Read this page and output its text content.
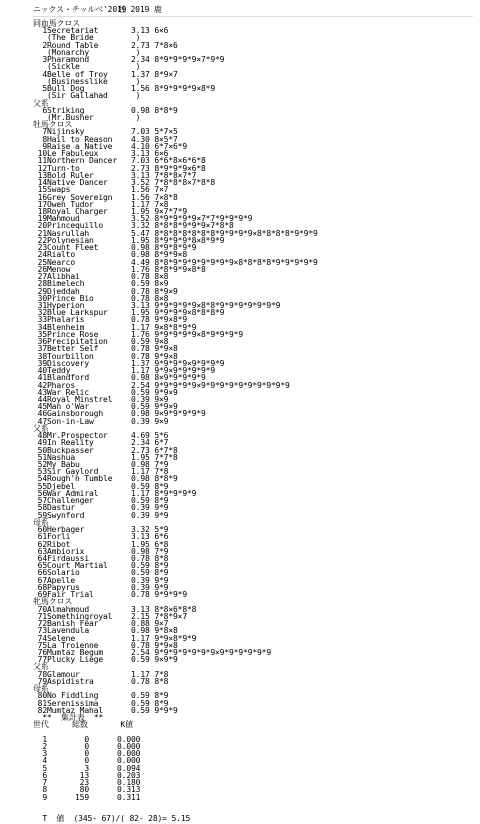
ニックス・チッルベ'2019
牡 2019 鹿
同血馬クロス
1Secretariat       3.13 6×6
(The Bride         )
2Round Table       2.73 7*8×6
(Monarchy          )
3Pharamond         2.34 8*9*9*9*9×7*9*9
(Sickle            )
4Belle of Troy     1.37 8*9×7
(Businesslike      )
5Bull Dog          1.56 8*9*9*9*9×8*9
(Sir Gallahad      )
父系
6Striking          0.98 8*8*9
(Mr.Busher         )
牡馬クロス
7Nijinsky          7.03 5*7×5
8Hail to Reason    4.30 8×5*7
9Raise a Native    4.10 6*7×6*9
10Le Fabuleux       3.13 6×6
11Northern Dancer   7.03 6*6*8×6*6*8
12Turn-to           2.73 8*9*9*9×6*8
13Bold Ruler        3.13 7*8*8×7*7
14Native Dancer     3.52 7*8*8*8×7*8*8
15Swaps             1.56 7×7
16Grey Sovereign    1.56 7×8*8
17Owen Tudor        1.17 7×8
18Royal Charger     1.95 9×7*7*9
19Mahmoud           3.52 8*9*9*9*9×7*7*9*9*9*9
20Princequillo      3.32 8*8*8*9*9*9×7*8*8
21Nasrullah         5.47 8*8*8*8*8*8*8*9*9*9*9×8*8*8*8*9*9*9
22Polynesian        1.95 8*9*9*9*8×8*9*9
23Count Fleet       0.98 8*9*8*9*9
24Rialto            0.98 8*9*9×8
25Nearco            4.49 8*8*9*9*9*9*9*9*9×8*8*8*8*9*9*9*9*9
26Menow             1.76 8*8*9*9×8*8
27Alibhai           0.78 8×8
28Bimelech          0.59 8×9
29Djeddah           0.78 8*9×9
30Prince Bio        0.78 8×8
31Hyperion          3.13 9*9*9*9*9×8*8*9*9*9*9*9*9*9
32Blue Larkspur     1.95 9*9*9*9×8*8*8*9
33Phalaris          0.78 9*9×8*9
34Blenheim          1.17 9×8*8*9*9
35Prince Rose       1.76 9*9*9*9*9×8*9*9*9*9
36Precipitation     0.59 9×8
37Better Self       0.78 9*9×8
38Tourbillon        0.78 9*9×8
39Discovery         1.37 9*9*9*9×9*9*9*9
40Teddy             1.17 9*9×9*9*9*9*9
41Blandford         0.98 8×9*9*9*9*9
42Pharos            2.54 9*9*9*9*9×9*9*9*9*9*9*9*9*9*9
43War Relic         0.59 9*9×9
44Royal Minstrel    0.39 9×9
45Man o'War         0.59 9*9×9
46Gainsborough      0.98 9×9*9*9*9*9
47Son-in-Law        0.39 9×9
父系
48Mr.Prospector     4.69 5*6
49In Reality        2.34 6*7
50Buckpasser        2.73 6*7*8
51Nashua            1.95 7*7*8
52My Babu           0.98 7*9
53Sir Gaylord       1.17 7*8
54Rough'n Tumble    0.98 8*8*9
55Djebel            0.59 8*9
56War Admiral       1.17 8*9*9*9*9
57Challenger        0.59 8*9
58Dastur            0.39 9*9
59Swynford          0.39 9*9
母系
60Herbager          3.32 5*9
61Forli             3.13 6*6
62Ribot             1.95 6*8
63Ambiorix          0.98 7*9
64Firdaussi         0.78 8*8
65Court Martial     0.59 8*9
66Solario           0.59 8*9
67Apelle            0.39 9*9
68Papyrus           0.39 9*9
69Fair Trial        0.78 9*9*9*9
牝馬クロス
70Almahmoud         3.13 8*8×6*8*8
71Somethingroyal    2.15 7*8*9×7
72Banish Fear       0.88 9×7
73Lavendula         0.98 9*8×8
74Selene            1.17 9*9×8*9*9
75La Troienne       0.78 9*9×8
76Mumtaz Begum      2.54 9*9*9*9*9*9*9×9*9*9*9*9*9
77Plucky Liege      0.59 9×9*9
父系
78Glamour           1.17 7*8
79Aspidistra        0.78 8*8
母系
80No Fiddling       0.59 8*9
81Serenissima       0.59 8*9
82Mumtaz Mahal      0.59 9*9*9
**  集計表  **
世代     総数       K値
1        0      0.000
2        0      0.000
3        0      0.000
4        0      0.000
5        3      0.094
6       13      0.203
7       23      0.180
8       80      0.313
9      159      0.311
T  値  (345- 67)/( 82- 28)= 5.15
